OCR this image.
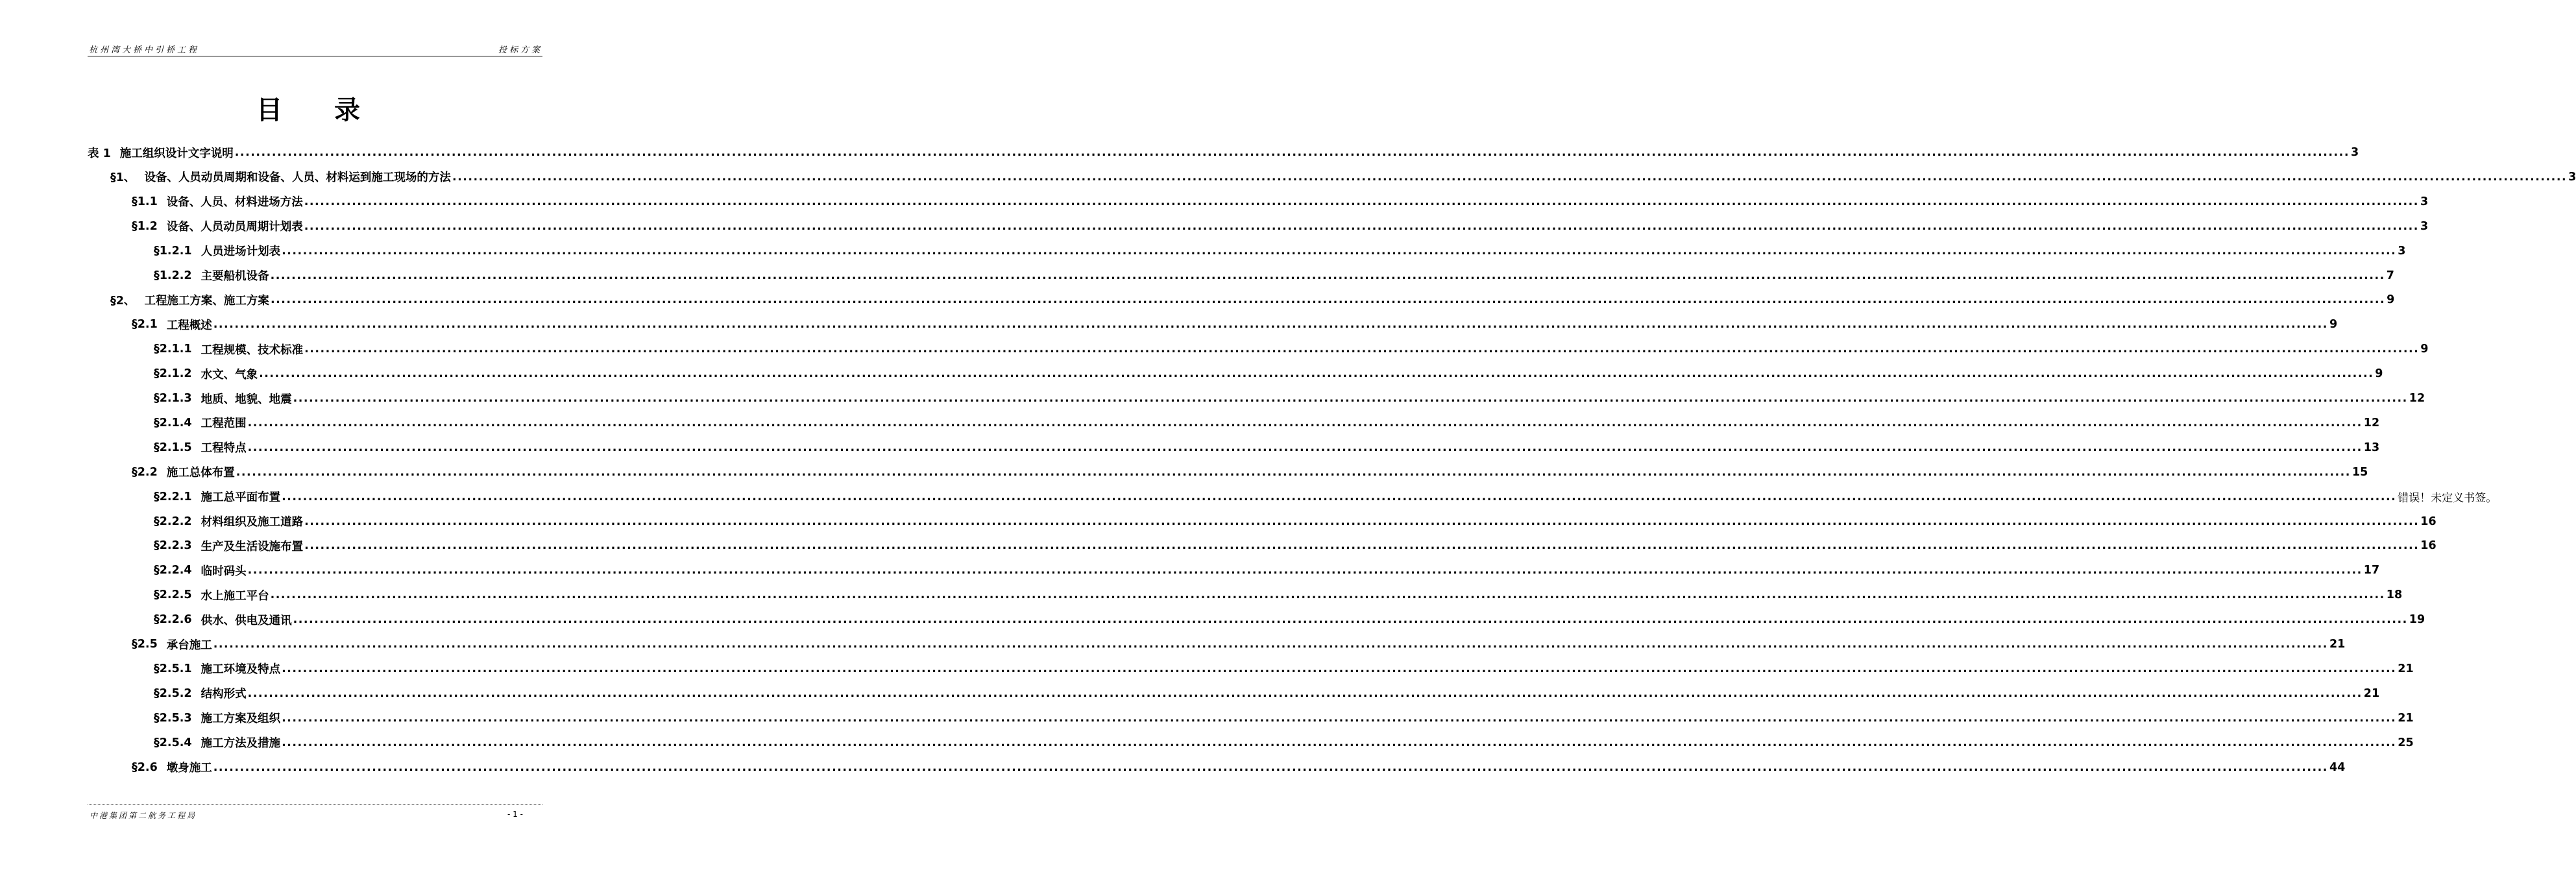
杭州湾大桥中引桥工程	投标方案
目 录
表 1 施工组织设计文字说明 ................................................................................................................................................................................................................................................................................................................................................................................................................ 3
§1、 设备、人员动员周期和设备、人员、材料运到施工现场的方法 ................................................................................................................................................................................................................................................................................................................................................................................................................ 3
§1.1 设备、人员、材料进场方法 ................................................................................................................................................................................................................................................................................................................................................................................................................ 3
§1.2 设备、人员动员周期计划表 ................................................................................................................................................................................................................................................................................................................................................................................................................ 3
§1.2.1 人员进场计划表 ................................................................................................................................................................................................................................................................................................................................................................................................................ 3
§1.2.2 主要船机设备 ................................................................................................................................................................................................................................................................................................................................................................................................................ 7
§2、 工程施工方案、施工方案 ................................................................................................................................................................................................................................................................................................................................................................................................................ 9
§2.1 工程概述 ................................................................................................................................................................................................................................................................................................................................................................................................................ 9
§2.1.1 工程规模、技术标准 ................................................................................................................................................................................................................................................................................................................................................................................................................ 9
§2.1.2 水文、气象 ................................................................................................................................................................................................................................................................................................................................................................................................................ 9
§2.1.3 地质、地貌、地震 ................................................................................................................................................................................................................................................................................................................................................................................................................ 12
§2.1.4 工程范围 ................................................................................................................................................................................................................................................................................................................................................................................................................ 12
§2.1.5 工程特点 ................................................................................................................................................................................................................................................................................................................................................................................................................ 13
§2.2 施工总体布置 ................................................................................................................................................................................................................................................................................................................................................................................................................ 15
§2.2.1 施工总平面布置 ................................................................................................................................................................................................................................................................................................................................................................................................................ 错误！未定义书签。
§2.2.2 材料组织及施工道路 ................................................................................................................................................................................................................................................................................................................................................................................................................ 16
§2.2.3 生产及生活设施布置 ................................................................................................................................................................................................................................................................................................................................................................................................................ 16
§2.2.4 临时码头 ................................................................................................................................................................................................................................................................................................................................................................................................................ 17
§2.2.5 水上施工平台 ................................................................................................................................................................................................................................................................................................................................................................................................................ 18
§2.2.6 供水、供电及通讯 ................................................................................................................................................................................................................................................................................................................................................................................................................ 19
§2.5 承台施工 ................................................................................................................................................................................................................................................................................................................................................................................................................ 21
§2.5.1 施工环境及特点 ................................................................................................................................................................................................................................................................................................................................................................................................................ 21
§2.5.2 结构形式 ................................................................................................................................................................................................................................................................................................................................................................................................................ 21
§2.5.3 施工方案及组织 ................................................................................................................................................................................................................................................................................................................................................................................................................ 21
§2.5.4 施工方法及措施 ................................................................................................................................................................................................................................................................................................................................................................................................................ 25
§2.6 墩身施工 ................................................................................................................................................................................................................................................................................................................................................................................................................ 44
中港集团第二航务工程局	- 1 -
